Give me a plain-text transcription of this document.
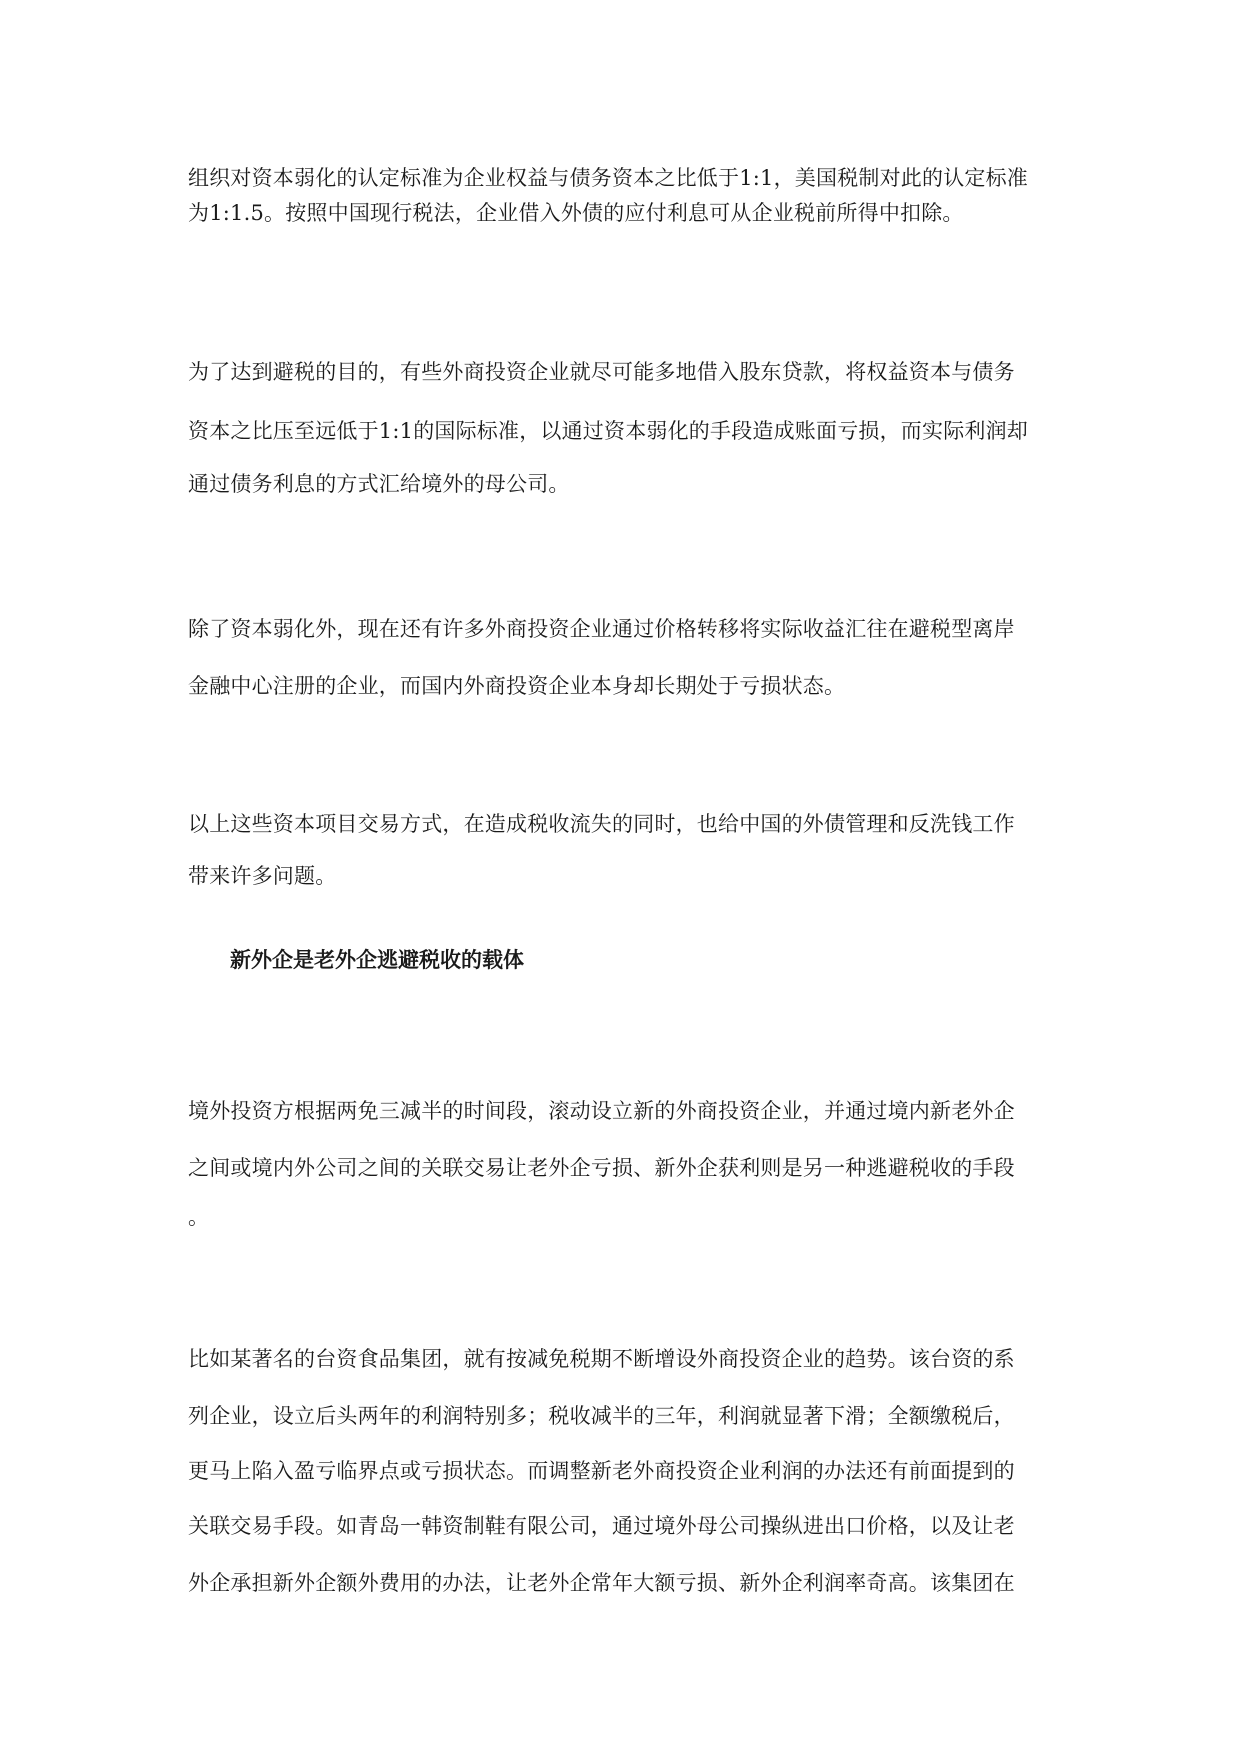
组织对资本弱化的认定标准为企业权益与债务资本之比低于1:1，美国税制对此的认定标准
为1:1.5。按照中国现行税法，企业借入外债的应付利息可从企业税前所得中扣除。
为了达到避税的目的，有些外商投资企业就尽可能多地借入股东贷款，将权益资本与债务
资本之比压至远低于1:1的国际标准，以通过资本弱化的手段造成账面亏损，而实际利润却
通过债务利息的方式汇给境外的母公司。
除了资本弱化外，现在还有许多外商投资企业通过价格转移将实际收益汇往在避税型离岸
金融中心注册的企业，而国内外商投资企业本身却长期处于亏损状态。
以上这些资本项目交易方式，在造成税收流失的同时，也给中国的外债管理和反洗钱工作
带来许多问题。
新外企是老外企逃避税收的载体
境外投资方根据两免三减半的时间段，滚动设立新的外商投资企业，并通过境内新老外企
之间或境内外公司之间的关联交易让老外企亏损、新外企获利则是另一种逃避税收的手段
。
比如某著名的台资食品集团，就有按减免税期不断增设外商投资企业的趋势。该台资的系
列企业，设立后头两年的利润特别多；税收减半的三年，利润就显著下滑；全额缴税后，
更马上陷入盈亏临界点或亏损状态。而调整新老外商投资企业利润的办法还有前面提到的
关联交易手段。如青岛一韩资制鞋有限公司，通过境外母公司操纵进出口价格，以及让老
外企承担新外企额外费用的办法，让老外企常年大额亏损、新外企利润率奇高。该集团在
